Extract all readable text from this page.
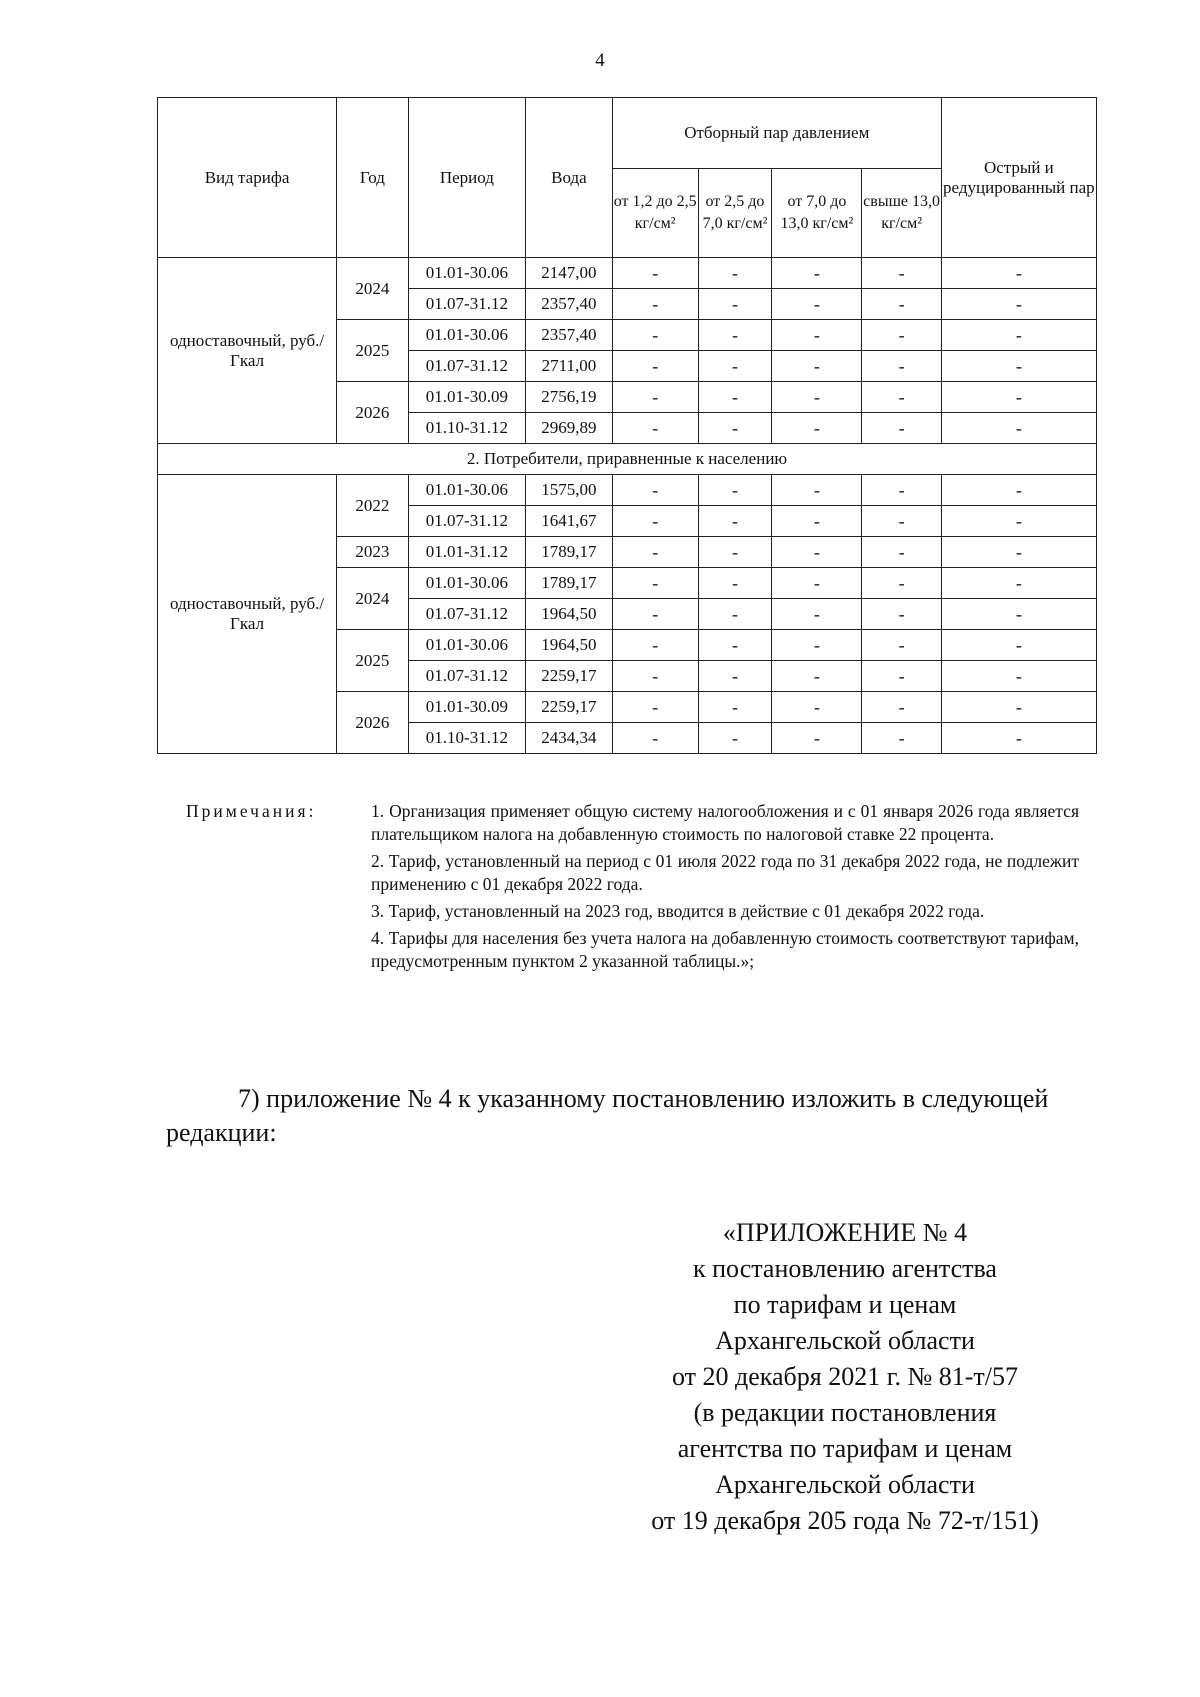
4
Вид тарифа	Год	Период	Вода	Отборный пар давлением				Острый и редуцированный пар
				от 1,2 до 2,5 кг/см²	от 2,5 до 7,0 кг/см²	от 7,0 до 13,0 кг/см²	свыше 13,0 кг/см²	
одноставочный, руб./Гкал	2024	01.01-30.06	2147,00	-	-	-	-	-
		01.07-31.12	2357,40	-	-	-	-	-
	2025	01.01-30.06	2357,40	-	-	-	-	-
		01.07-31.12	2711,00	-	-	-	-	-
	2026	01.01-30.09	2756,19	-	-	-	-	-
		01.10-31.12	2969,89	-	-	-	-	-
2. Потребители, приравненные к населению								
одноставочный, руб./Гкал	2022	01.01-30.06	1575,00	-	-	-	-	-
		01.07-31.12	1641,67	-	-	-	-	-
	2023	01.01-31.12	1789,17	-	-	-	-	-
	2024	01.01-30.06	1789,17	-	-	-	-	-
		01.07-31.12	1964,50	-	-	-	-	-
	2025	01.01-30.06	1964,50	-	-	-	-	-
		01.07-31.12	2259,17	-	-	-	-	-
	2026	01.01-30.09	2259,17	-	-	-	-	-
		01.10-31.12	2434,34	-	-	-	-	-
Примечания:	1. Организация применяет общую систему налогообложения и с 01 января 2026 года является плательщиком налога на добавленную стоимость по налоговой ставке 22 процента.

2. Тариф, установленный на период с 01 июля 2022 года по 31 декабря 2022 года, не подлежит применению с 01 декабря 2022 года.

3. Тариф, установленный на 2023 год, вводится в действие с 01 декабря 2022 года.

4. Тарифы для населения без учета налога на добавленную стоимость соответствуют тарифам, предусмотренным пунктом 2 указанной таблицы.»;

7) приложение № 4 к указанному постановлению изложить в следующей редакции:
«ПРИЛОЖЕНИЕ № 4
к постановлению агентства
по тарифам и ценам
Архангельской области
от 20 декабря 2021 г. № 81-т/57
(в редакции постановления
агентства по тарифам и ценам
Архангельской области
от 19 декабря 205 года № 72-т/151)
